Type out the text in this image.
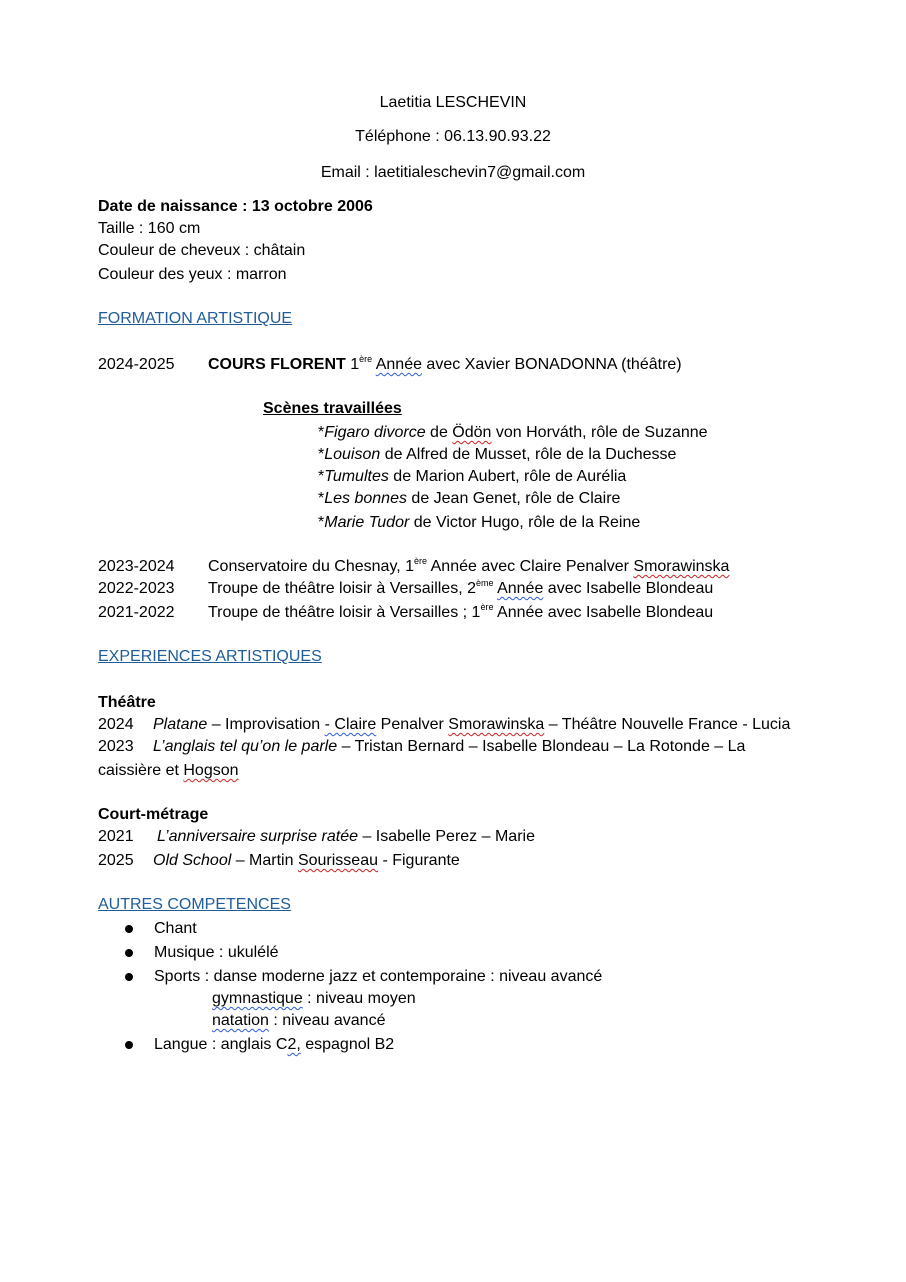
Laetitia LESCHEVIN
Téléphone : 06.13.90.93.22
Email : laetitialeschevin7@gmail.com
Date de naissance : 13 octobre 2006
Taille : 160 cm
Couleur de cheveux : châtain
Couleur des yeux : marron
FORMATION ARTISTIQUE
2024-2025 COURS FLORENT 1ère Année avec Xavier BONADONNA (théâtre)
Scènes travaillées
*Figaro divorce de Ödön von Horváth, rôle de Suzanne
*Louison de Alfred de Musset, rôle de la Duchesse
*Tumultes de Marion Aubert, rôle de Aurélia
*Les bonnes de Jean Genet, rôle de Claire
*Marie Tudor de Victor Hugo, rôle de la Reine
2023-2024 Conservatoire du Chesnay, 1ère Année avec Claire Penalver Smorawinska
2022-2023 Troupe de théâtre loisir à Versailles, 2ème Année avec Isabelle Blondeau
2021-2022 Troupe de théâtre loisir à Versailles ; 1ère Année avec Isabelle Blondeau
EXPERIENCES ARTISTIQUES
Théâtre
2024 Platane – Improvisation - Claire Penalver Smorawinska – Théâtre Nouvelle France - Lucia
2023 L’anglais tel qu’on le parle – Tristan Bernard – Isabelle Blondeau – La Rotonde – La
caissière et Hogson
Court-métrage
2021 L’anniversaire surprise ratée – Isabelle Perez – Marie
2025 Old School – Martin Sourisseau - Figurante
AUTRES COMPETENCES
Chant
Musique : ukulélé
Sports : danse moderne jazz et contemporaine : niveau avancé
gymnastique : niveau moyen
natation : niveau avancé
Langue : anglais C2, espagnol B2
